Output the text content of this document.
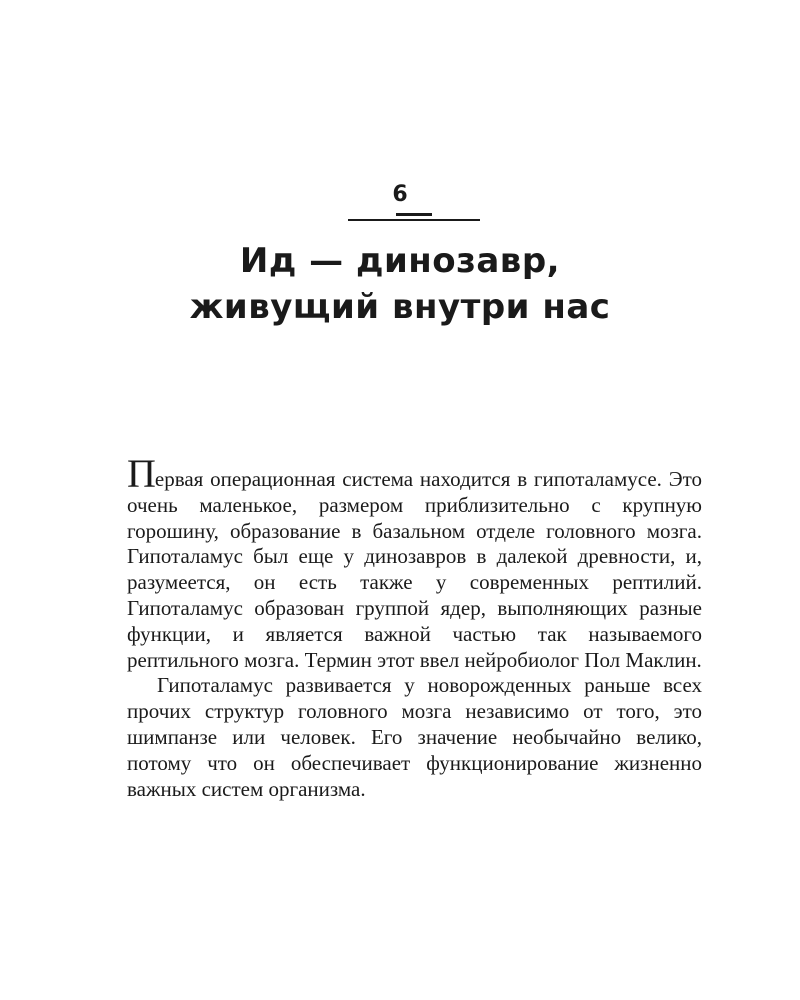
6
Ид — динозавр,
живущий внутри нас

Первая операционная система находится в гипоталамусе. Это очень маленькое, размером приблизительно с крупную горошину, образование в базальном отделе головного мозга. Гипоталамус был еще у динозавров в далекой древности, и, разумеется, он есть также у современных рептилий. Гипоталамус образован группой ядер, выполняющих разные функции, и является важной частью так называемого рептильного мозга. Термин этот ввел нейробиолог Пол Маклин.

Гипоталамус развивается у новорожденных раньше всех прочих структур головного мозга независимо от того, это шимпанзе или человек. Его значение необычайно велико, потому что он обеспечивает функционирование жизненно важных систем организма.
